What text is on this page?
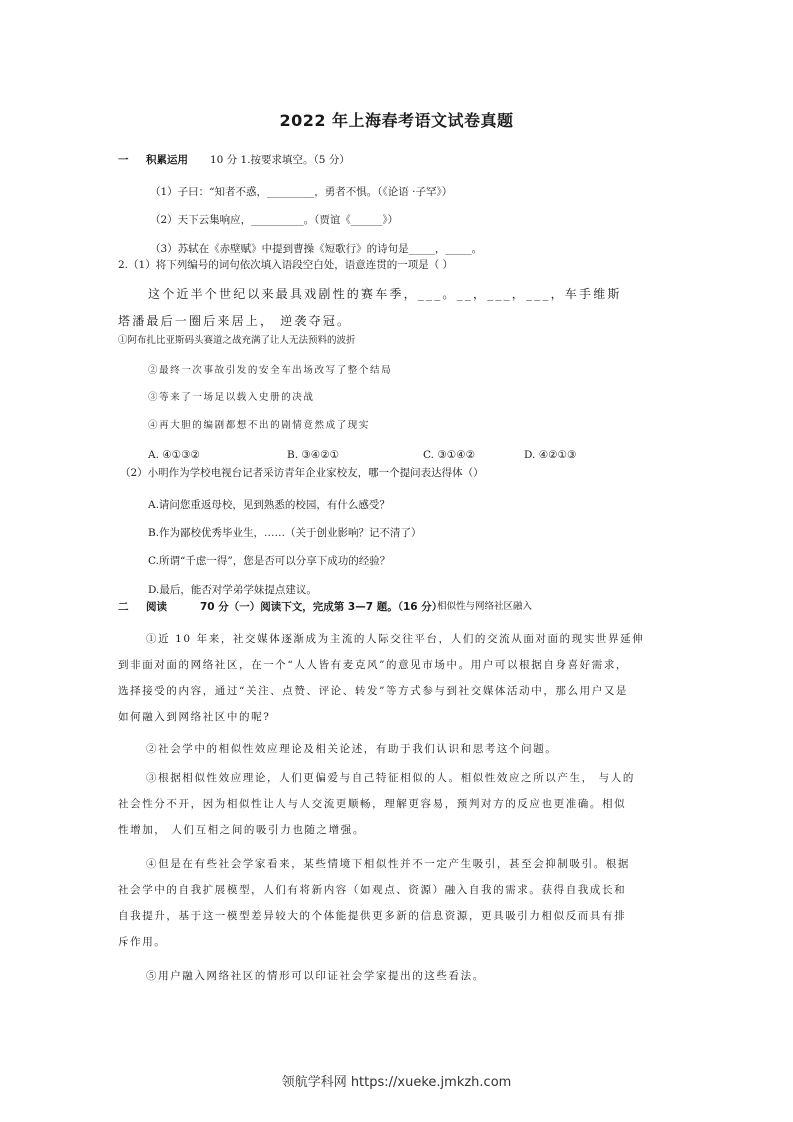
2022 年上海春考语文试卷真题
一 积累运用 10 分 1.按要求填空。（5 分）
（1）子曰：“知者不惑，_________，勇者不惧。（《论语 ·子罕》）
（2）天下云集响应，__________。（贾谊《______》）
（3）苏轼在《赤壁赋》中提到曹操《短歌行》的诗句是_____，_____。
2.（1）将下列编号的词句依次填入语段空白处，语意连贯的一项是（ ）
这个近半个世纪以来最具戏剧性的赛车季，___。__，___，___，车手维斯
塔潘最后一圈后来居上， 逆袭夺冠。
①阿布扎比亚斯码头赛道之战充满了让人无法预料的波折
②最终一次事故引发的安全车出场改写了整个结局
③等来了一场足以载入史册的决战
④再大胆的编剧都想不出的剧情竟然成了现实
A. ④①③②	B. ③④②①	C. ③①④②	D. ④②①③
（2）小明作为学校电视台记者采访青年企业家校友，哪一个提问表达得体（）
A.请问您重返母校，见到熟悉的校园，有什么感受？
B.作为鄙校优秀毕业生，……（关于创业影响？记不清了）
C.所谓“千虑一得”，您是否可以分享下成功的经验？
D.最后，能否对学弟学妹提点建议。
二 阅读	70 分（一）阅读下文，完成第 3—7 题。（16 分）
相似性与网络社区融入
①近 10 年来，社交媒体逐渐成为主流的人际交往平台，人们的交流从面对面的现实世界延伸
到非面对面的网络社区，在一个“人人皆有麦克风”的意见市场中。用户可以根据自身喜好需求，
选择接受的内容，通过“关注、点赞、评论、转发”等方式参与到社交媒体活动中，那么用户又是
如何融入到网络社区中的呢?
②社会学中的相似性效应理论及相关论述，有助于我们认识和思考这个问题。
③根据相似性效应理论，人们更偏爱与自己特征相似的人。相似性效应之所以产生， 与人的
社会性分不开，因为相似性让人与人交流更顺畅，理解更容易，预判对方的反应也更准确。相似
性增加， 人们互相之间的吸引力也随之增强。
④但是在有些社会学家看来，某些情境下相似性并不一定产生吸引，甚至会抑制吸引。根据
社会学中的自我扩展模型，人们有将新内容（如观点、资源）融入自我的需求。获得自我成长和
自我提升，基于这一模型差异较大的个体能提供更多新的信息资源，更具吸引力相似反而具有排
斥作用。
⑤用户融入网络社区的情形可以印证社会学家提出的这些看法。
领航学科网 https://xueke.jmkzh.com
